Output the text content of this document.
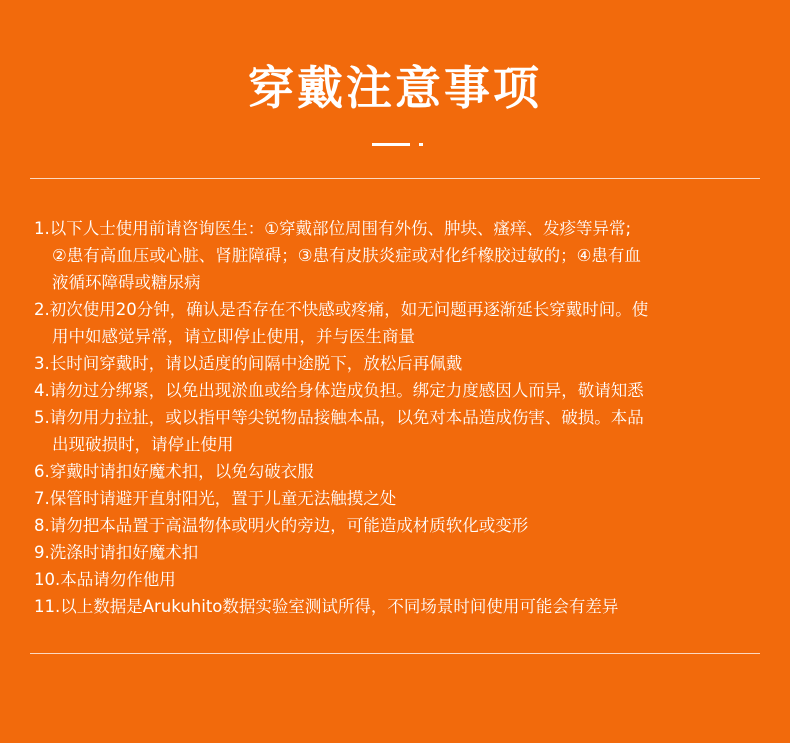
穿戴注意事项
1.以下人士使用前请咨询医生：①穿戴部位周围有外伤、肿块、瘙痒、发疹等异常;
②患有高血压或心脏、肾脏障碍；③患有皮肤炎症或对化纤橡胶过敏的；④患有血
液循环障碍或糖尿病
2.初次使用20分钟，确认是否存在不快感或疼痛，如无问题再逐渐延长穿戴时间。使
用中如感觉异常，请立即停止使用，并与医生商量
3.长时间穿戴时，请以适度的间隔中途脱下，放松后再佩戴
4.请勿过分绑紧，以免出现淤血或给身体造成负担。绑定力度感因人而异，敬请知悉
5.请勿用力拉扯，或以指甲等尖锐物品接触本品，以免对本品造成伤害、破损。本品
出现破损时，请停止使用
6.穿戴时请扣好魔术扣，以免勾破衣服
7.保管时请避开直射阳光，置于儿童无法触摸之处
8.请勿把本品置于高温物体或明火的旁边，可能造成材质软化或变形
9.洗涤时请扣好魔术扣
10.本品请勿作他用
11.以上数据是Arukuhito数据实验室测试所得，不同场景时间使用可能会有差异
